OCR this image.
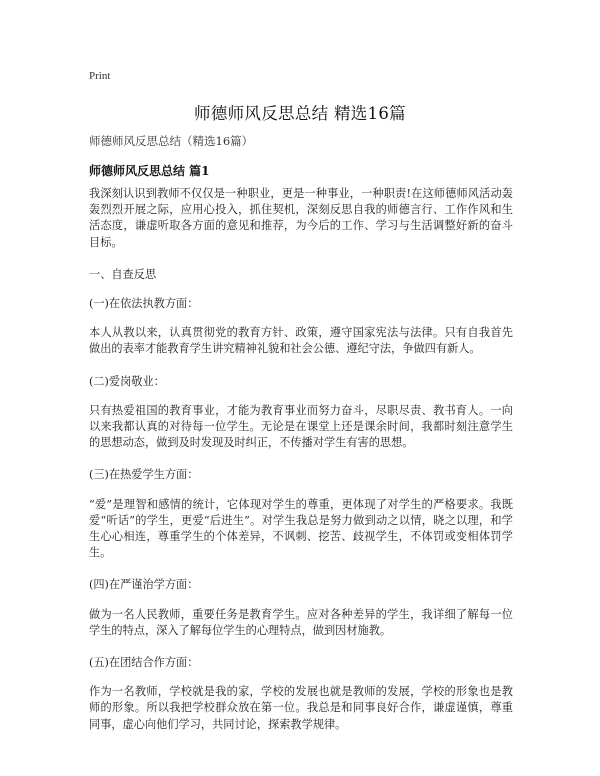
Print
师德师风反思总结 精选16篇
师德师风反思总结（精选16篇）
师德师风反思总结 篇1

我深刻认识到教师不仅仅是一种职业，更是一种事业，一种职责!在这师德师风活动轰轰烈烈开展之际，应用心投入，抓住契机，深刻反思自我的师德言行、工作作风和生活态度，谦虚听取各方面的意见和推荐，为今后的工作、学习与生活调整好新的奋斗目标。

一、自查反思

(一)在依法执教方面：

本人从教以来，认真贯彻党的教育方针、政策，遵守国家宪法与法律。只有自我首先做出的表率才能教育学生讲究精神礼貌和社会公德、遵纪守法，争做四有新人。

(二)爱岗敬业：

只有热爱祖国的教育事业，才能为教育事业而努力奋斗，尽职尽责、教书育人。一向以来我都认真的对待每一位学生。无论是在课堂上还是课余时间，我都时刻注意学生的思想动态，做到及时发现及时纠正，不传播对学生有害的思想。

(三)在热爱学生方面：

“爱”是理智和感情的统计，它体现对学生的尊重，更体现了对学生的严格要求。我既爱“听话”的学生，更爱“后进生”。对学生我总是努力做到动之以情，晓之以理，和学生心心相连，尊重学生的个体差异，不讽刺、挖苦、歧视学生，不体罚或变相体罚学生。

(四)在严谨治学方面：

做为一名人民教师，重要任务是教育学生。应对各种差异的学生，我详细了解每一位学生的特点，深入了解每位学生的心理特点，做到因材施教。

(五)在团结合作方面：

作为一名教师，学校就是我的家，学校的发展也就是教师的发展，学校的形象也是教师的形象。所以我把学校群众放在第一位。我总是和同事良好合作，谦虚谨慎，尊重同事，虚心向他们学习，共同讨论，探索教学规律。
